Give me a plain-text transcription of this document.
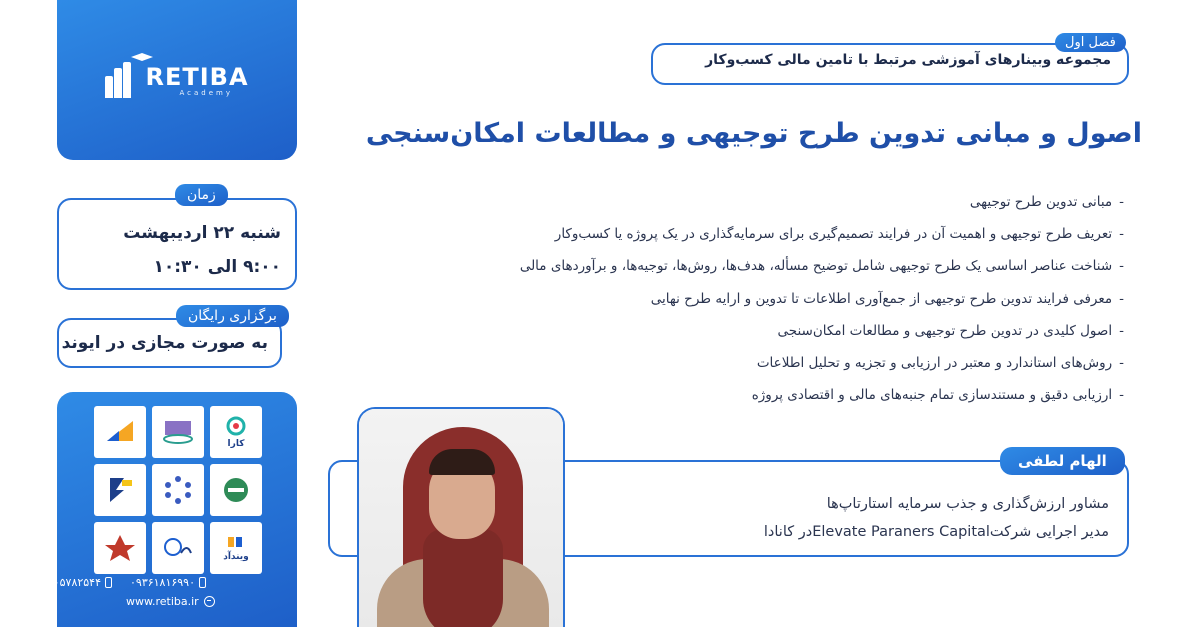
RETIBA
Academy
شنبه ۲۲ اردیبهشت
۹:۰۰ الی ۱۰:۳۰
زمان
به صورت مجازی در ایوند
برگزاری رایگان
کارا
ویندآد
۰۹۲۰۵۷۸۲۵۴۴	۰۹۳۶۱۸۱۶۹۹۰
www.retiba.ir
مجموعه وبینارهای آموزشی مرتبط با تامین مالی کسب‌وکار
فصل اول
اصول و مبانی تدوین طرح توجیهی و مطالعات امکان‌سنجی
- مبانی تدوین طرح توجیهی
- تعریف طرح توجیهی و اهمیت آن در فرایند تصمیم‌گیری برای سرمایه‌گذاری در یک پروژه یا کسب‌وکار
- شناخت عناصر اساسی یک طرح توجیهی شامل توضیح مسأله، هدف‌ها، روش‌ها، توجیه‌ها، و برآوردهای مالی
- معرفی فرایند تدوین طرح توجیهی از جمع‌آوری اطلاعات تا تدوین و ارایه طرح نهایی
- اصول کلیدی در تدوین طرح توجیهی و مطالعات امکان‌سنجی
- روش‌های استاندارد و معتبر در ارزیابی و تجزیه و تحلیل اطلاعات
- ارزیابی دقیق و مستندسازی تمام جنبه‌های مالی و اقتصادی پروژه
مشاور ارزش‌گذاری و جذب سرمایه استارتاپ‌ها
مدیر اجرایی شرکتElevate Paraners Capitalدر کانادا
الهام لطفی
